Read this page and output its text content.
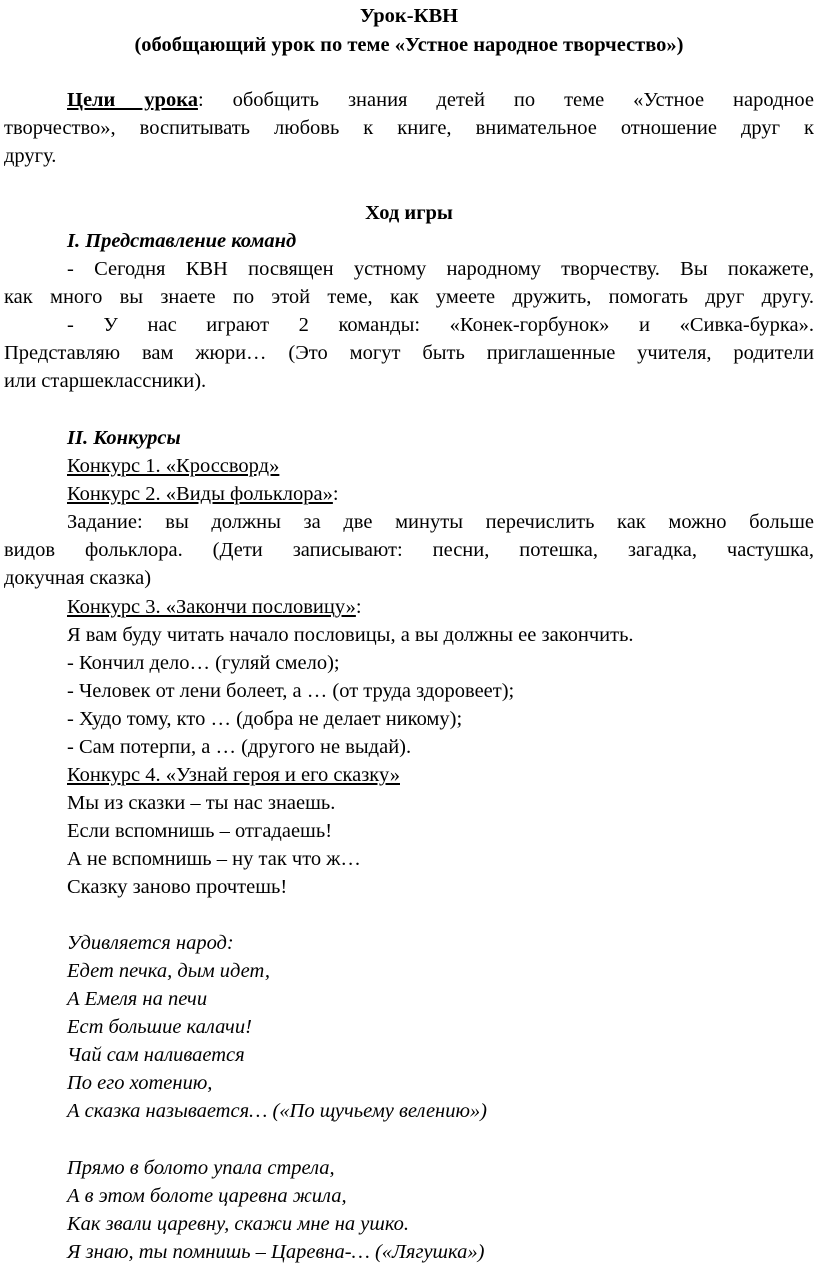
Урок-КВН
(обобщающий урок по теме «Устное народное творчество»)
Цели урока: обобщить знания детей по теме «Устное народное
творчество», воспитывать любовь к книге, внимательное отношение друг к
другу.
Ход игры
I. Представление команд
- Сегодня КВН посвящен устному народному творчеству. Вы покажете,
как много вы знаете по этой теме, как умеете дружить, помогать друг другу.
- У нас играют 2 команды: «Конек-горбунок» и «Сивка-бурка».
Представляю вам жюри… (Это могут быть приглашенные учителя, родители
или старшеклассники).
II. Конкурсы
Конкурс 1. «Кроссворд»
Конкурс 2. «Виды фольклора»:
Задание: вы должны за две минуты перечислить как можно больше
видов фольклора. (Дети записывают: песни, потешка, загадка, частушка,
докучная сказка)
Конкурс 3. «Закончи пословицу»:
Я вам буду читать начало пословицы, а вы должны ее закончить.
- Кончил дело… (гуляй смело);
- Человек от лени болеет, а … (от труда здоровеет);
- Худо тому, кто … (добра не делает никому);
- Сам потерпи, а … (другого не выдай).
Конкурс 4. «Узнай героя и его сказку»
Мы из сказки – ты нас знаешь.
Если вспомнишь – отгадаешь!
А не вспомнишь – ну так что ж…
Сказку заново прочтешь!
Удивляется народ:
Едет печка, дым идет,
А Емеля на печи
Ест большие калачи!
Чай сам наливается
По его хотению,
А сказка называется… («По щучьему велению»)
Прямо в болото упала стрела,
А в этом болоте царевна жила,
Как звали царевну, скажи мне на ушко.
Я знаю, ты помнишь – Царевна-… («Лягушка»)
